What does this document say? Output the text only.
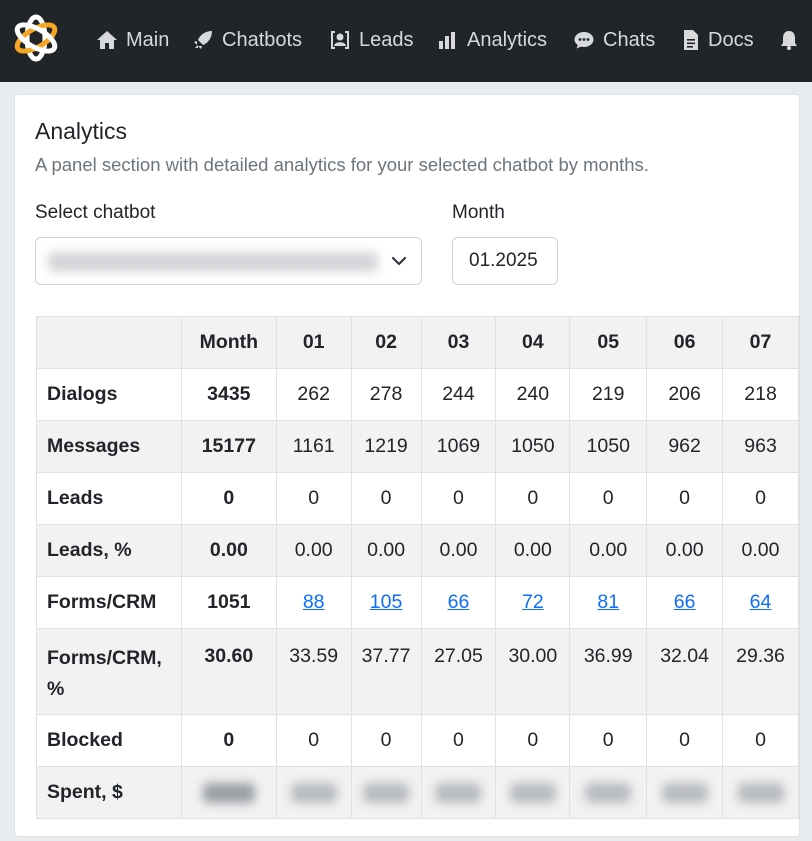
Main	Chatbots	Leads	Analytics	Chats	Docs
Analytics
A panel section with detailed analytics for your selected chatbot by months.
Select chatbot	Month
01.2025
	Month	01	02	03	04	05	06	07
Dialogs	3435	262	278	244	240	219	206	218
Messages	15177	1161	1219	1069	1050	1050	962	963
Leads	0	0	0	0	0	0	0	0
Leads, %	0.00	0.00	0.00	0.00	0.00	0.00	0.00	0.00
Forms/CRM	1051	88	105	66	72	81	66	64
Forms/CRM, %	30.60	33.59	37.77	27.05	30.00	36.99	32.04	29.36
Blocked	0	0	0	0	0	0	0	0
Spent, $								
